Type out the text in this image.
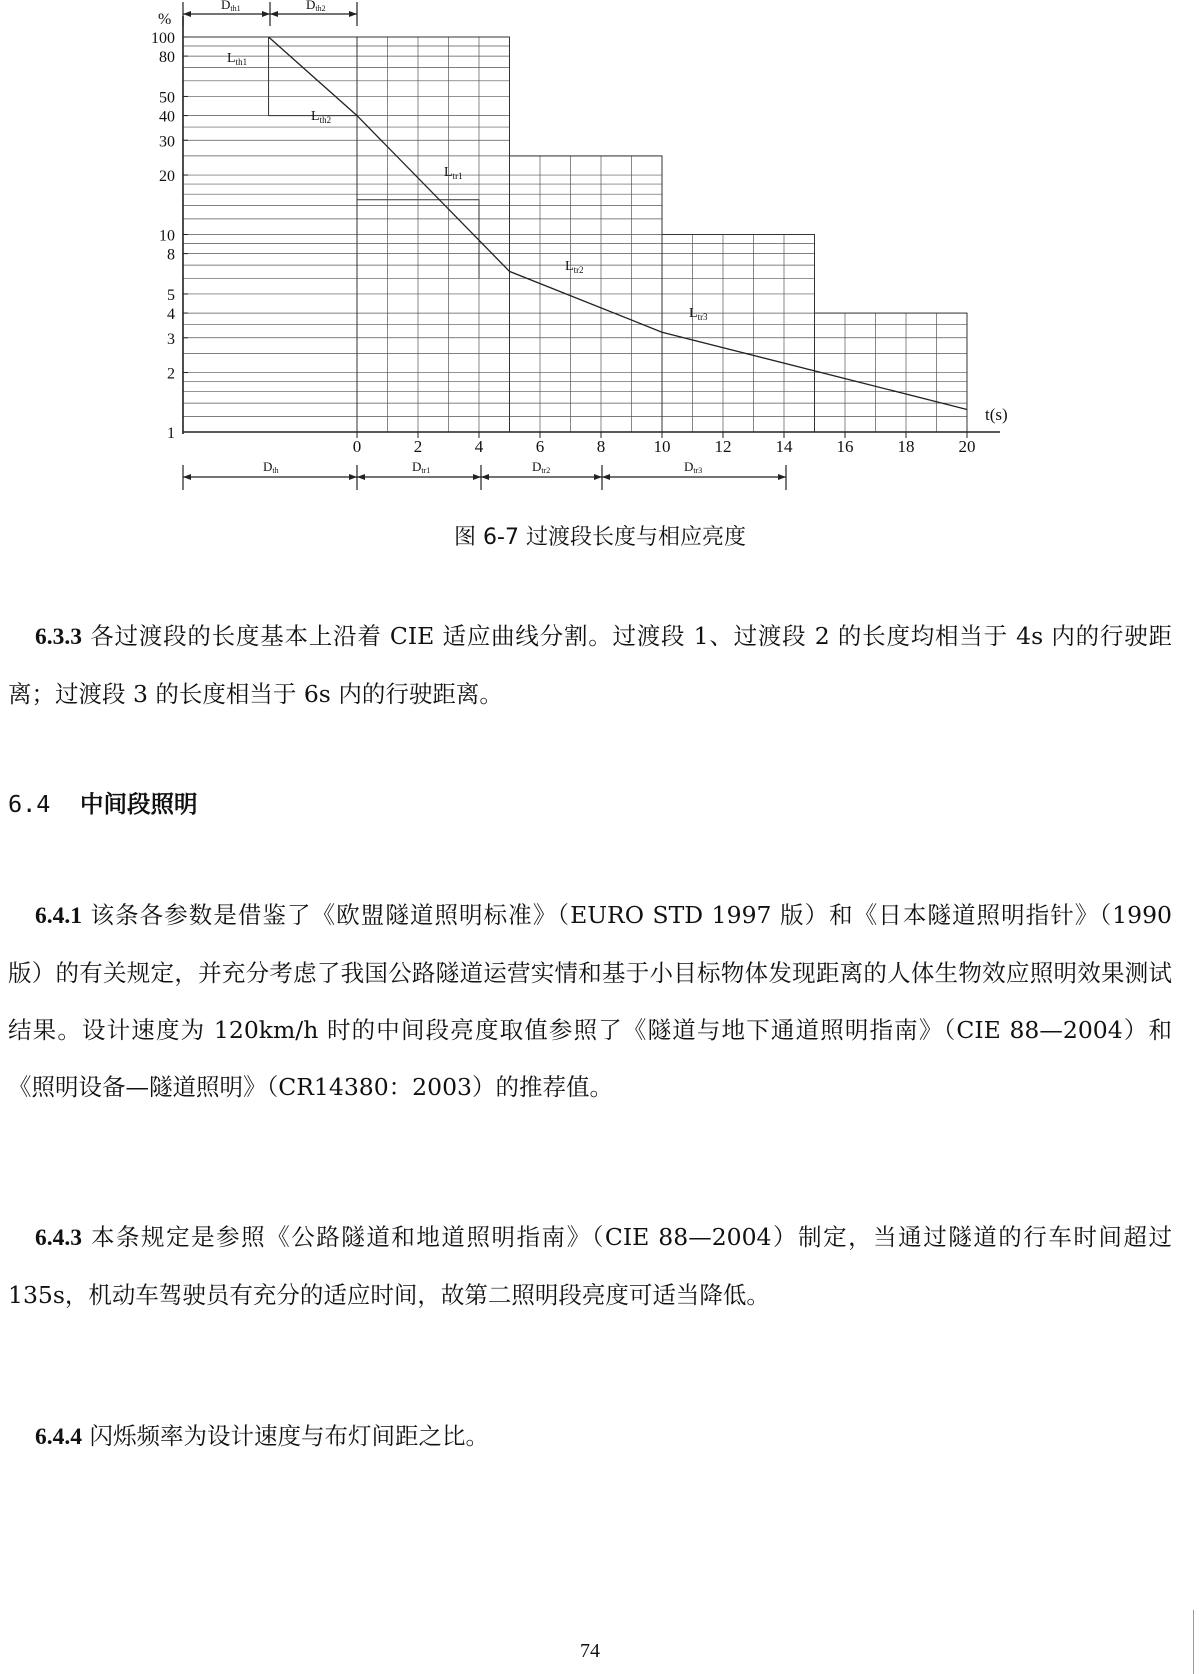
%
t(s)
100
80
50
40
30
20
10
8
5
4
3
2
1
0	2	4	6	8	10	12	14	16	18	20
$L_{th1}$
$L_{th2}$
$L_{tr1}$
$L_{tr2}$
$L_{tr3}$
Dth1	Dth2
Dth	Dtr1	Dtr2	Dtr3
图 6-7 过渡段长度与相应亮度
6.3.3 各过渡段的长度基本上沿着 CIE 适应曲线分割。过渡段 1、过渡段 2 的长度均相当于 4s 内的行驶距离；过渡段 3 的长度相当于 6s 内的行驶距离。
6.4 中间段照明
6.4.1 该条各参数是借鉴了《欧盟隧道照明标准》（EURO STD 1997 版）和《日本隧道照明指针》（1990 版）的有关规定，并充分考虑了我国公路隧道运营实情和基于小目标物体发现距离的人体生物效应照明效果测试结果。设计速度为 120km/h 时的中间段亮度取值参照了《隧道与地下通道照明指南》（CIE 88—2004）和《照明设备—隧道照明》（CR14380：2003）的推荐值。
6.4.3 本条规定是参照《公路隧道和地道照明指南》（CIE 88—2004）制定，当通过隧道的行车时间超过 135s，机动车驾驶员有充分的适应时间，故第二照明段亮度可适当降低。
6.4.4 闪烁频率为设计速度与布灯间距之比。
74
